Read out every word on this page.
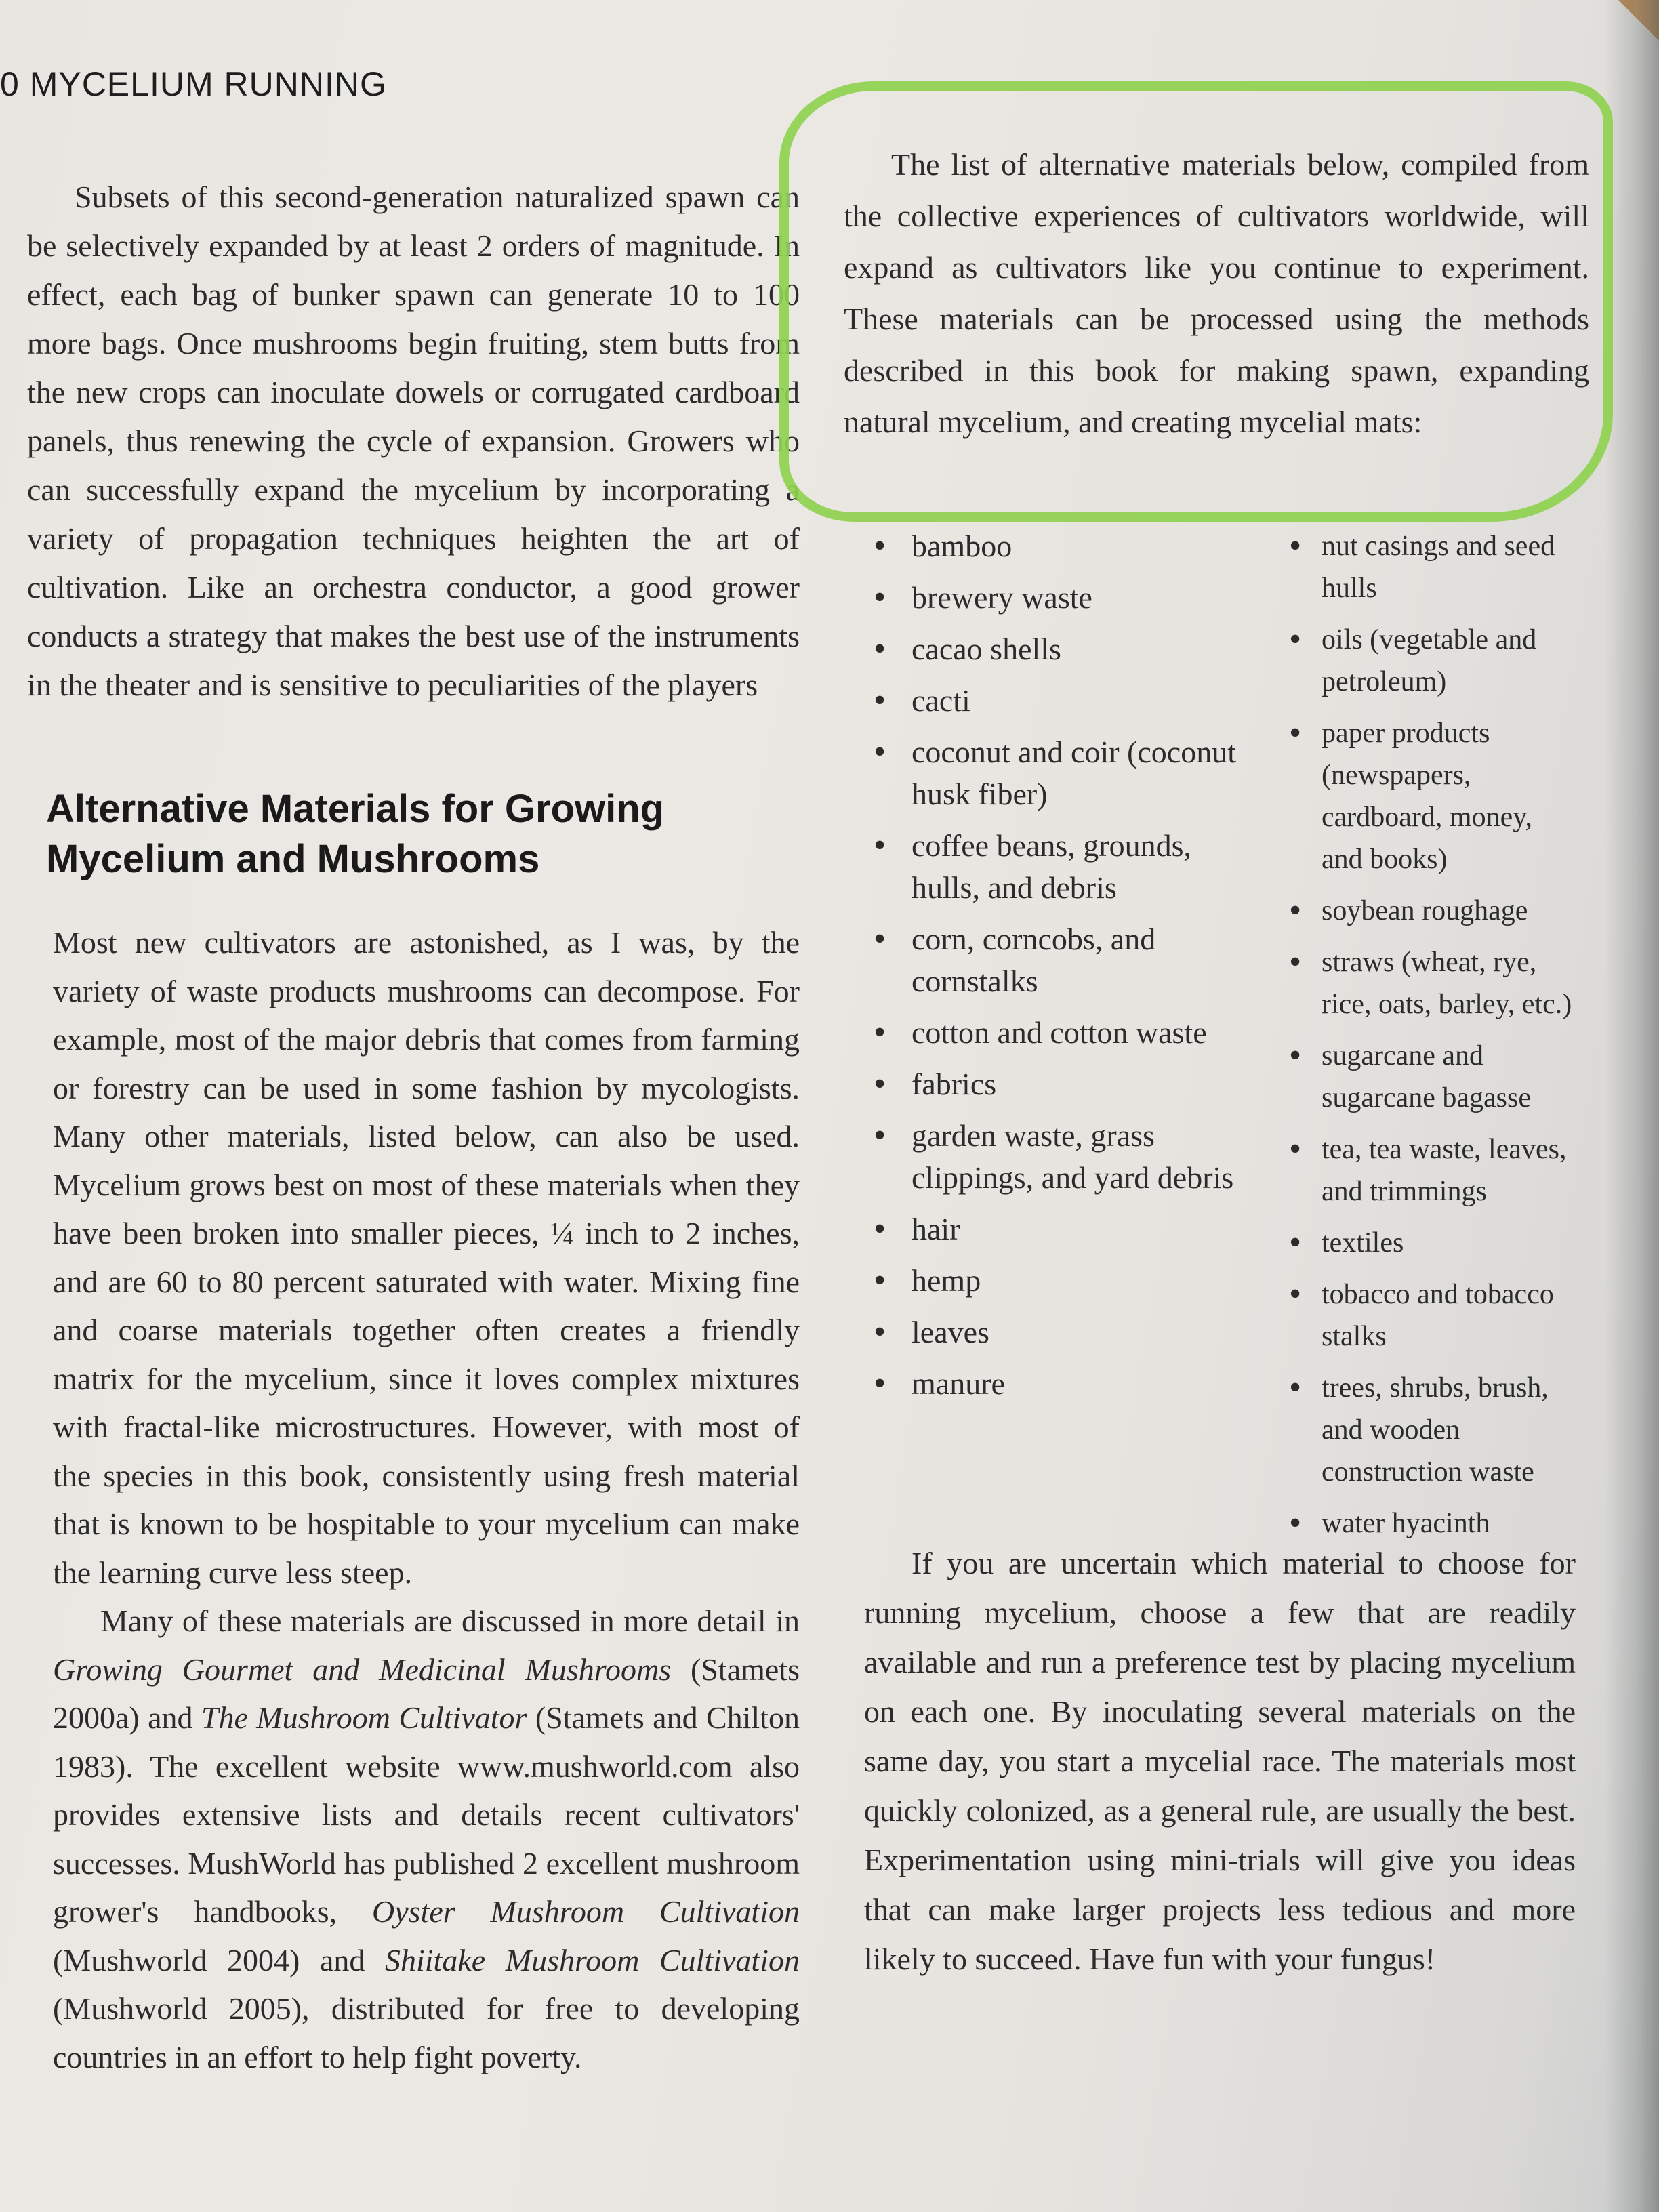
0 MYCELIUM RUNNING

Subsets of this second-generation naturalized spawn can be selectively expanded by at least 2 orders of magnitude. In effect, each bag of bunker spawn can generate 10 to 100 more bags. Once mushrooms begin fruiting, stem butts from the new crops can inoculate dowels or corrugated cardboard panels, thus renewing the cycle of expansion. Growers who can successfully expand the mycelium by incorporating a variety of propagation techniques heighten the art of cultivation. Like an orchestra conductor, a good grower conducts a strategy that makes the best use of the instruments in the theater and is sensitive to peculiarities of the players

Alternative Materials for Growing Mycelium and Mushrooms

Most new cultivators are astonished, as I was, by the variety of waste products mushrooms can decompose. For example, most of the major debris that comes from farming or forestry can be used in some fashion by mycologists. Many other materials, listed below, can also be used. Mycelium grows best on most of these materials when they have been broken into smaller pieces, ¼ inch to 2 inches, and are 60 to 80 percent saturated with water. Mixing fine and coarse materials together often creates a friendly matrix for the mycelium, since it loves complex mixtures with fractal-like microstructures. However, with most of the species in this book, consistently using fresh material that is known to be hospitable to your mycelium can make the learning curve less steep.

Many of these materials are discussed in more detail in Growing Gourmet and Medicinal Mushrooms (Stamets 2000a) and The Mushroom Cultivator (Stamets and Chilton 1983). The excellent website www.mushworld.com also provides extensive lists and details recent cultivators' successes. MushWorld has published 2 excellent mushroom grower's handbooks, Oyster Mushroom Cultivation (Mushworld 2004) and Shiitake Mushroom Cultivation (Mushworld 2005), distributed for free to developing countries in an effort to help fight poverty.

The list of alternative materials below, compiled from the collective experiences of cultivators worldwide, will expand as cultivators like you continue to experiment. These materials can be processed using the methods described in this book for making spawn, expanding natural mycelium, and creating mycelial mats:

• bamboo
• brewery waste
• cacao shells
• cacti
• coconut and coir (coconut husk fiber)
• coffee beans, grounds, hulls, and debris
• corn, corncobs, and cornstalks
• cotton and cotton waste
• fabrics
• garden waste, grass clippings, and yard debris
• hair
• hemp
• leaves
• manure
• nut casings and seed hulls
• oils (vegetable and petroleum)
• paper products (newspapers, cardboard, money, and books)
• soybean roughage
• straws (wheat, rye, rice, oats, barley, etc.)
• sugarcane and sugarcane bagasse
• tea, tea waste, leaves, and trimmings
• textiles
• tobacco and tobacco stalks
• trees, shrubs, brush, and wooden construction waste
• water hyacinth

If you are uncertain which material to choose for running mycelium, choose a few that are readily available and run a preference test by placing mycelium on each one. By inoculating several materials on the same day, you start a mycelial race. The materials most quickly colonized, as a general rule, are usually the best. Experimentation using mini-trials will give you ideas that can make larger projects less tedious and more likely to succeed. Have fun with your fungus!
